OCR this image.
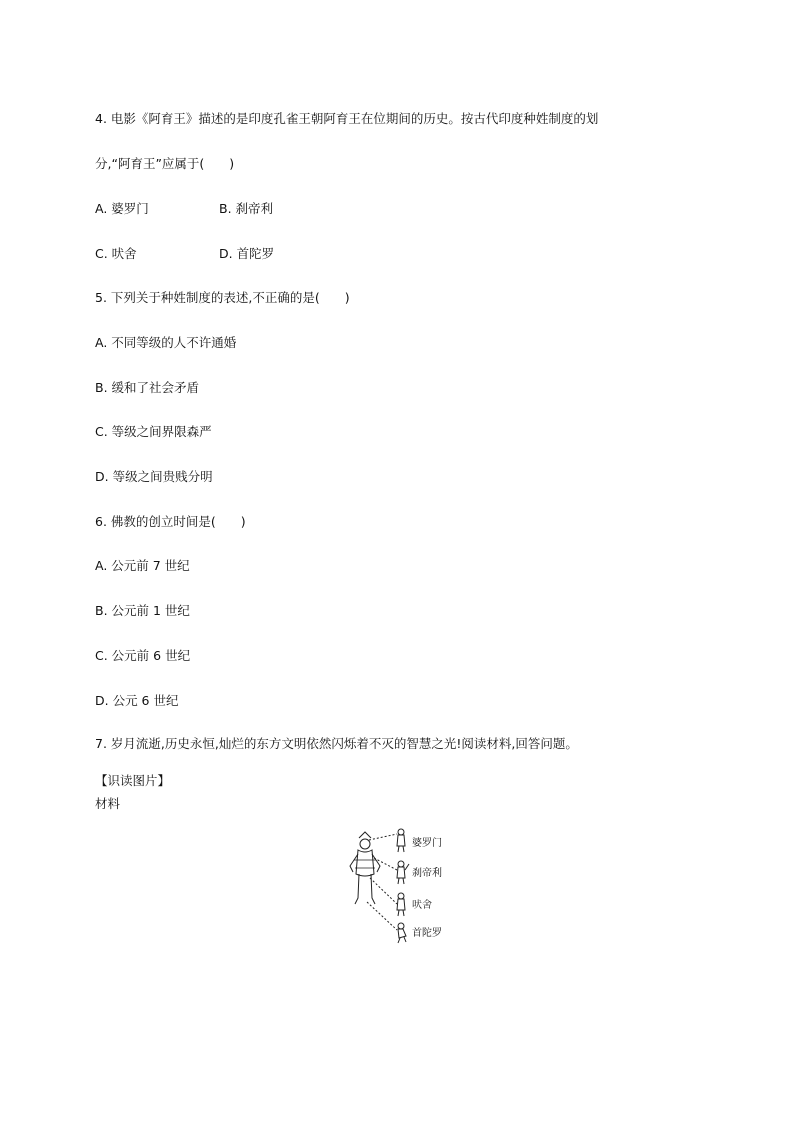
4. 电影《阿育王》描述的是印度孔雀王朝阿育王在位期间的历史。按古代印度种姓制度的划
分,“阿育王”应属于(　　)
A. 婆罗门	B. 刹帝利
C. 吠舍	D. 首陀罗
5. 下列关于种姓制度的表述,不正确的是(　　)
A. 不同等级的人不许通婚
B. 缓和了社会矛盾
C. 等级之间界限森严
D. 等级之间贵贱分明
6. 佛教的创立时间是(　　)
A. 公元前 7 世纪
B. 公元前 1 世纪
C. 公元前 6 世纪
D. 公元 6 世纪
7. 岁月流逝,历史永恒,灿烂的东方文明依然闪烁着不灭的智慧之光!阅读材料,回答问题。
【识读图片】
材料
婆罗门
刹帝利
吠舍
首陀罗
